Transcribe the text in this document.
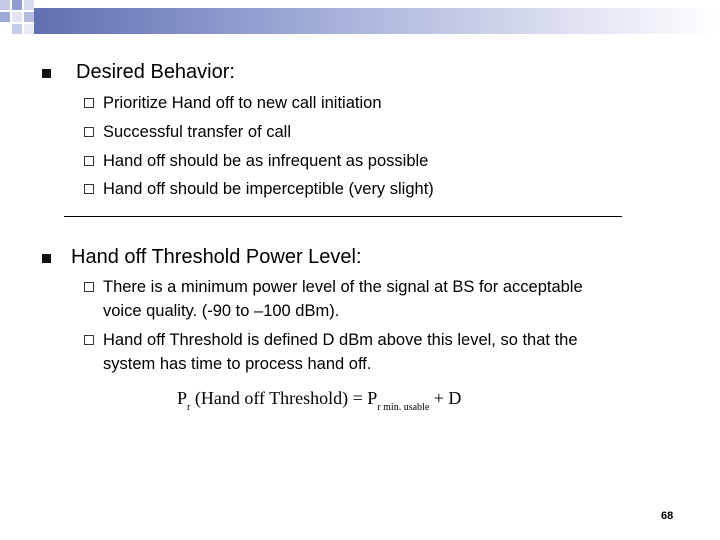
Desired Behavior:
Prioritize Hand off to new call initiation
Successful transfer of call
Hand off should be as infrequent as possible
Hand off should be imperceptible (very slight)
Hand off Threshold Power Level:
There is a minimum power level of the signal at BS for acceptable
voice quality. (-90 to –100 dBm).
Hand off Threshold is defined D dBm above this level, so that the
system has time to process hand off.
$P_r$ (Hand off Threshold) = $P_{r min. usable} + D$
68
